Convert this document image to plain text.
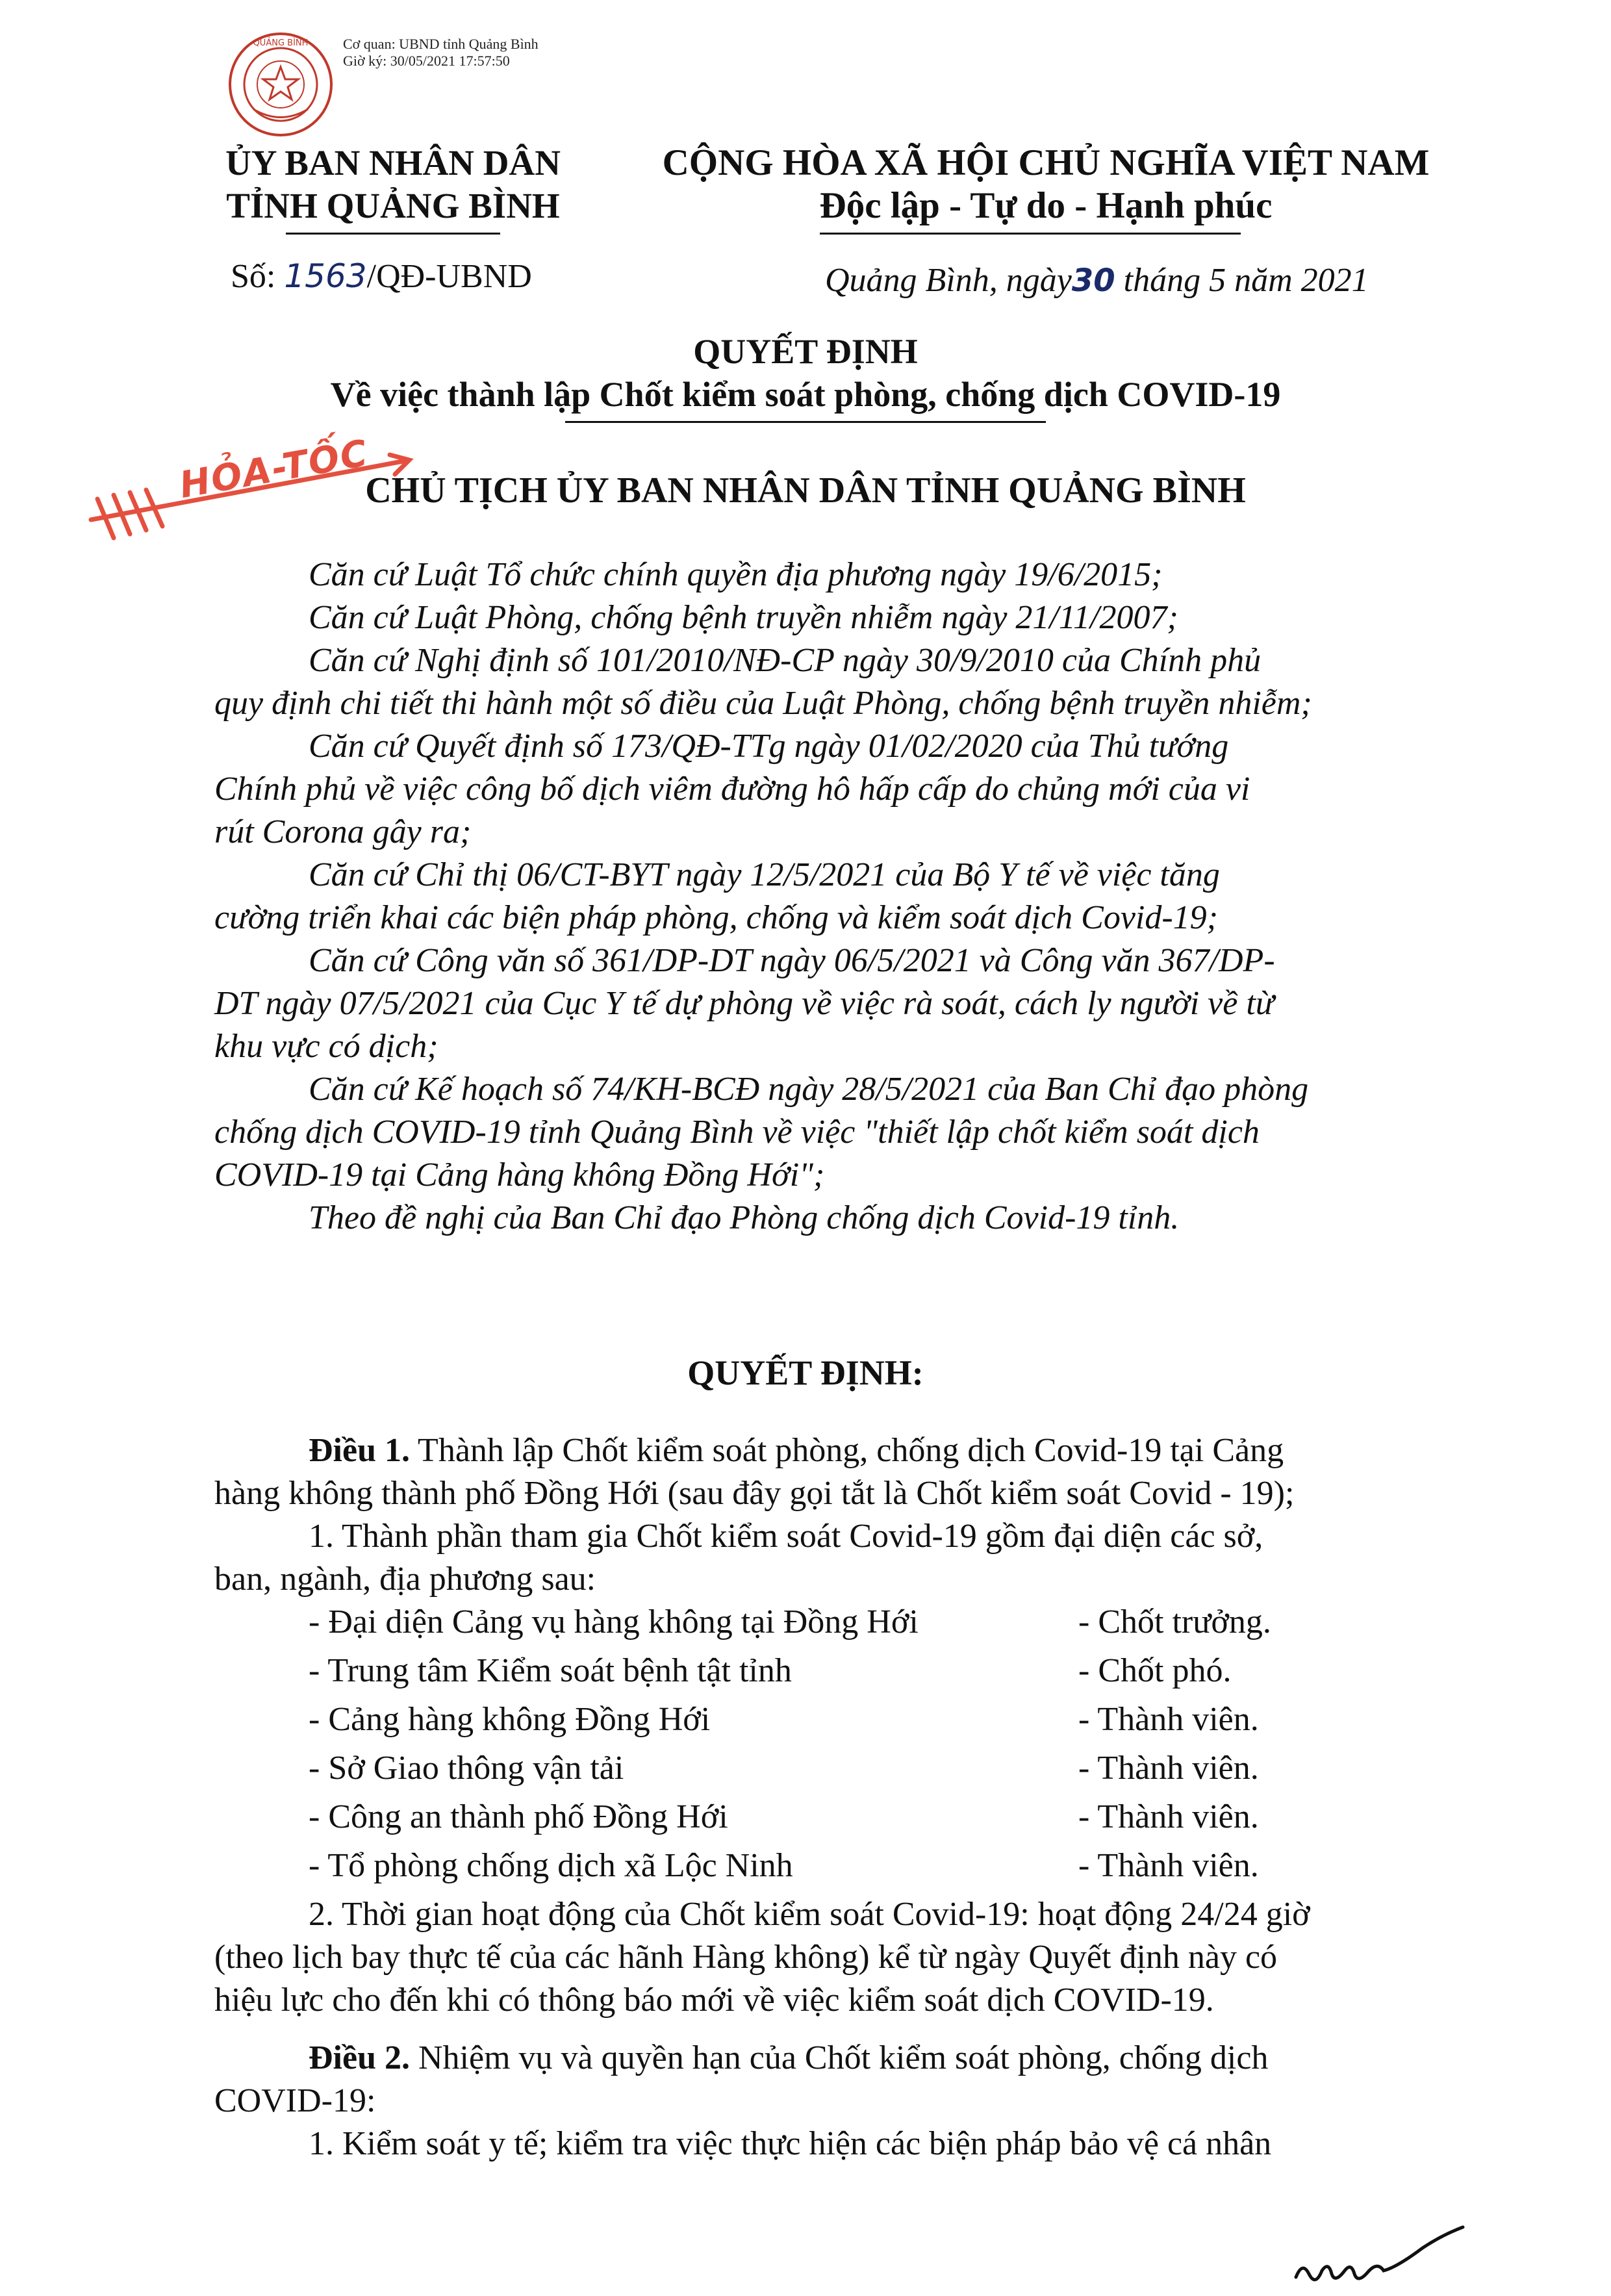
Cơ quan: UBND tỉnh Quảng Bình
Giờ ký: 30/05/2021 17:57:50
QUẢNG BÌNH
ỦY BAN NHÂN DÂN
TỈNH QUẢNG BÌNH
CỘNG HÒA XÃ HỘI CHỦ NGHĨA VIỆT NAM
Độc lập - Tự do - Hạnh phúc
Số: 1563/QĐ-UBND	Quảng Bình, ngày30 tháng 5 năm 2021
QUYẾT ĐỊNH
Về việc thành lập Chốt kiểm soát phòng, chống dịch COVID-19
HỎA-TỐC
CHỦ TỊCH ỦY BAN NHÂN DÂN TỈNH QUẢNG BÌNH
Căn cứ Luật Tổ chức chính quyền địa phương ngày 19/6/2015;
Căn cứ Luật Phòng, chống bệnh truyền nhiễm ngày 21/11/2007;
Căn cứ Nghị định số 101/2010/NĐ-CP ngày 30/9/2010 của Chính phủ
quy định chi tiết thi hành một số điều của Luật Phòng, chống bệnh truyền nhiễm;
Căn cứ Quyết định số 173/QĐ-TTg ngày 01/02/2020 của Thủ tướng
Chính phủ về việc công bố dịch viêm đường hô hấp cấp do chủng mới của vi
rút Corona gây ra;
Căn cứ Chỉ thị 06/CT-BYT ngày 12/5/2021 của Bộ Y tế về việc tăng
cường triển khai các biện pháp phòng, chống và kiểm soát dịch Covid-19;
Căn cứ Công văn số 361/DP-DT ngày 06/5/2021 và Công văn 367/DP-
DT ngày 07/5/2021 của Cục Y tế dự phòng về việc rà soát, cách ly người về từ
khu vực có dịch;
Căn cứ Kế hoạch số 74/KH-BCĐ ngày 28/5/2021 của Ban Chỉ đạo phòng
chống dịch COVID-19 tỉnh Quảng Bình về việc "thiết lập chốt kiểm soát dịch
COVID-19 tại Cảng hàng không Đồng Hới";
Theo đề nghị của Ban Chỉ đạo Phòng chống dịch Covid-19 tỉnh.
QUYẾT ĐỊNH:
Điều 1. Thành lập Chốt kiểm soát phòng, chống dịch Covid-19 tại Cảng
hàng không thành phố Đồng Hới (sau đây gọi tắt là Chốt kiểm soát Covid - 19);
1. Thành phần tham gia Chốt kiểm soát Covid-19 gồm đại diện các sở,
ban, ngành, địa phương sau:
- Đại diện Cảng vụ hàng không tại Đồng Hới	- Chốt trưởng.
- Trung tâm Kiểm soát bệnh tật tỉnh	- Chốt phó.
- Cảng hàng không Đồng Hới	- Thành viên.
- Sở Giao thông vận tải	- Thành viên.
- Công an thành phố Đồng Hới	- Thành viên.
- Tổ phòng chống dịch xã Lộc Ninh	- Thành viên.
2. Thời gian hoạt động của Chốt kiểm soát Covid-19: hoạt động 24/24 giờ
(theo lịch bay thực tế của các hãnh Hàng không) kể từ ngày Quyết định này có
hiệu lực cho đến khi có thông báo mới về việc kiểm soát dịch COVID-19.
Điều 2. Nhiệm vụ và quyền hạn của Chốt kiểm soát phòng, chống dịch
COVID-19:
1. Kiểm soát y tế; kiểm tra việc thực hiện các biện pháp bảo vệ cá nhân
